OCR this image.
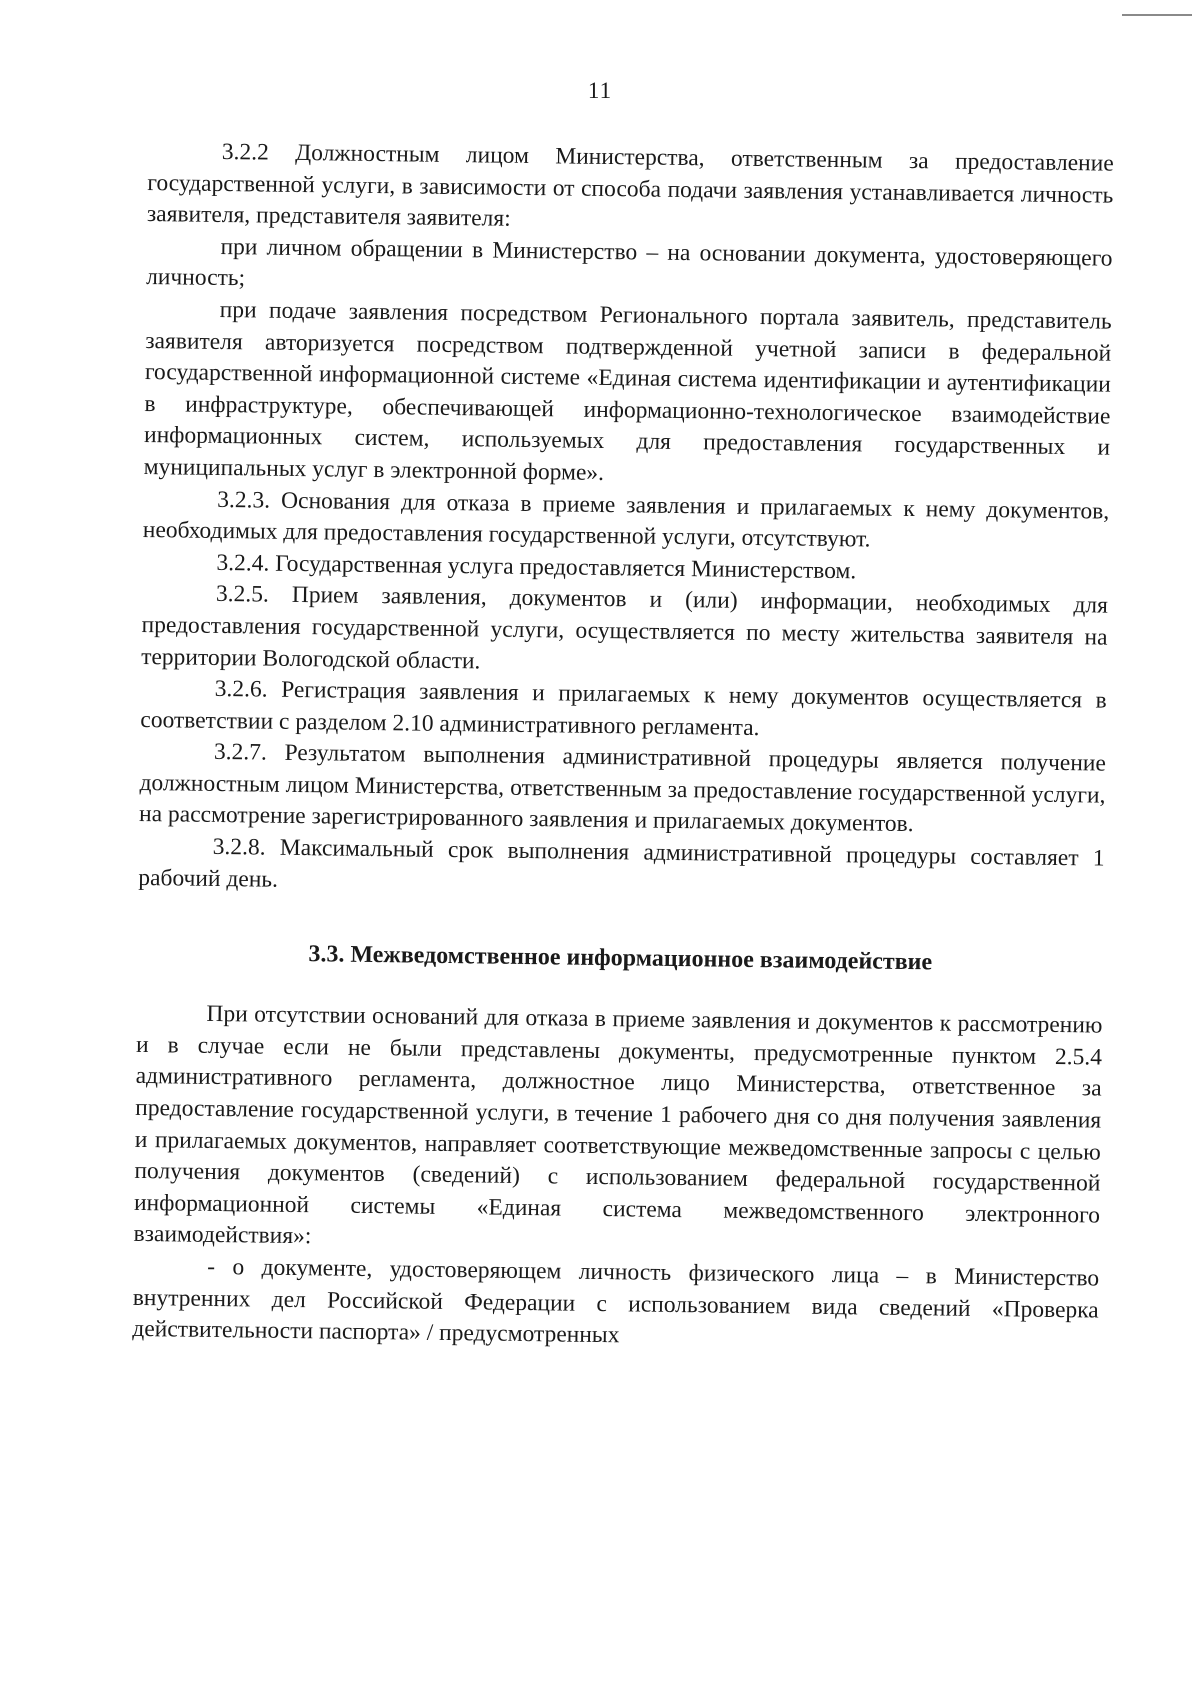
11

3.2.2 Должностным лицом Министерства, ответственным за предоставление государственной услуги, в зависимости от способа подачи заявления устанавливается личность заявителя, представителя заявителя:

при личном обращении в Министерство – на основании документа, удостоверяющего личность;

при подаче заявления посредством Регионального портала заявитель, представитель заявителя авторизуется посредством подтвержденной учетной записи в федеральной государственной информационной системе «Единая система идентификации и аутентификации в инфраструктуре, обеспечивающей информационно-технологическое взаимодействие информационных систем, используемых для предоставления государственных и муниципальных услуг в электронной форме».

3.2.3. Основания для отказа в приеме заявления и прилагаемых к нему документов, необходимых для предоставления государственной услуги, отсутствуют.

3.2.4. Государственная услуга предоставляется Министерством.

3.2.5. Прием заявления, документов и (или) информации, необходимых для предоставления государственной услуги, осуществляется по месту жительства заявителя на территории Вологодской области.

3.2.6. Регистрация заявления и прилагаемых к нему документов осуществляется в соответствии с разделом 2.10 административного регламента.

3.2.7. Результатом выполнения административной процедуры является получение должностным лицом Министерства, ответственным за предоставление государственной услуги, на рассмотрение зарегистрированного заявления и прилагаемых документов.

3.2.8. Максимальный срок выполнения административной процедуры составляет 1 рабочий день.

3.3. Межведомственное информационное взаимодействие

При отсутствии оснований для отказа в приеме заявления и документов к рассмотрению и в случае если не были представлены документы, предусмотренные пунктом 2.5.4 административного регламента, должностное лицо Министерства, ответственное за предоставление государственной услуги, в течение 1 рабочего дня со дня получения заявления и прилагаемых документов, направляет соответствующие межведомственные запросы с целью получения документов (сведений) с использованием федеральной государственной информационной системы «Единая система межведомственного электронного взаимодействия»:

- о документе, удостоверяющем личность физического лица – в Министерство внутренних дел Российской Федерации с использованием вида сведений «Проверка действительности паспорта» / предусмотренных
